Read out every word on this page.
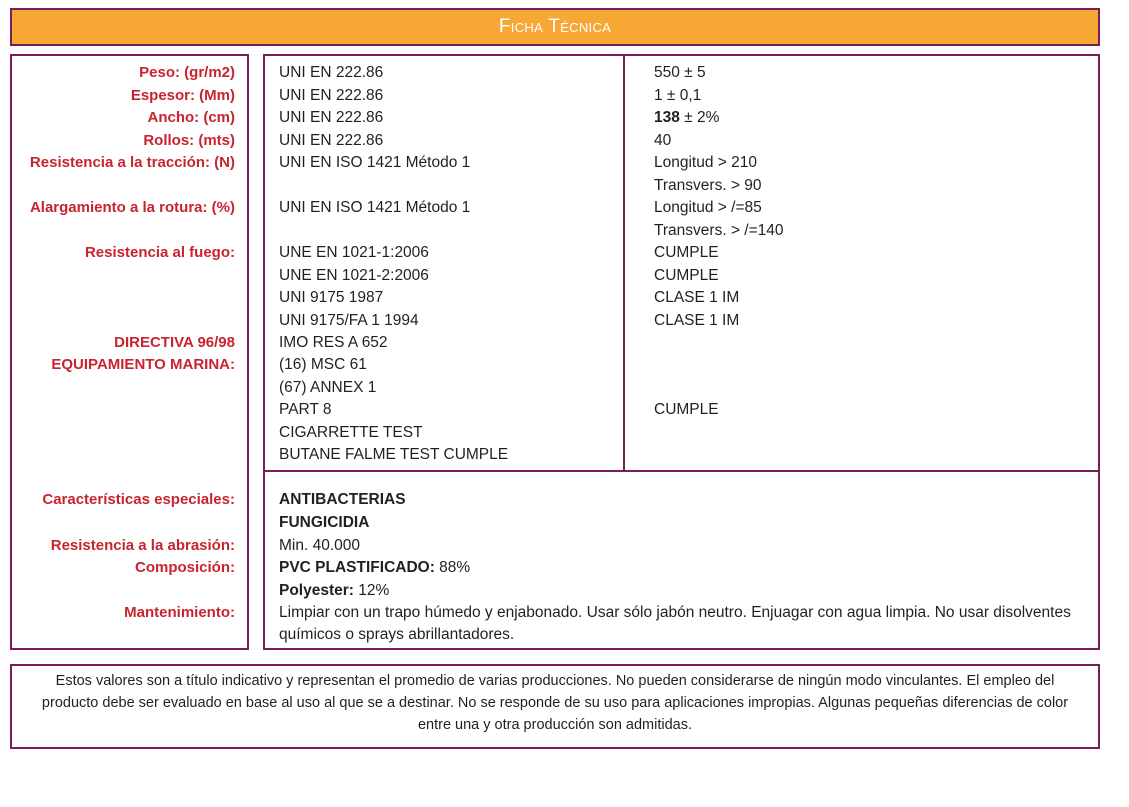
Ficha Técnica
Peso: (gr/m2)
Espesor: (Mm)
Ancho: (cm)
Rollos: (mts)
Resistencia a la tracción: (N)
Alargamiento a la rotura: (%)
Resistencia al fuego:
DIRECTIVA 96/98
EQUIPAMIENTO MARINA:
Características especiales:
Resistencia a la abrasión:
Composición:
Mantenimiento:
UNI EN 222.86
UNI EN 222.86
UNI EN 222.86
UNI EN 222.86
UNI EN ISO 1421 Método 1
UNI EN ISO 1421 Método 1
UNE EN 1021-1:2006
UNE EN 1021-2:2006
UNI 9175 1987
UNI 9175/FA 1 1994
IMO RES A 652
(16) MSC 61
(67) ANNEX 1
PART 8
CIGARRETTE TEST
BUTANE FALME TEST CUMPLE
550 ± 5
1 ± 0,1
138 ± 2%
40
Longitud > 210
Transvers. > 90
Longitud > /=85
Transvers. > /=140
CUMPLE
CUMPLE
CLASE 1 IM
CLASE 1 IM
CUMPLE
ANTIBACTERIAS
FUNGICIDIA
Min. 40.000
PVC PLASTIFICADO: 88%
Polyester: 12%
Limpiar con un trapo húmedo y enjabonado. Usar sólo jabón neutro. Enjuagar con agua limpia. No usar disolventes químicos o sprays abrillantadores.
Estos valores son a título indicativo y representan el promedio de varias producciones. No pueden considerarse de ningún modo vinculantes. El empleo del producto debe ser evaluado en base al uso al que se a destinar. No se responde de su uso para aplicaciones impropias. Algunas pequeñas diferencias de color entre una y otra producción son admitidas.
